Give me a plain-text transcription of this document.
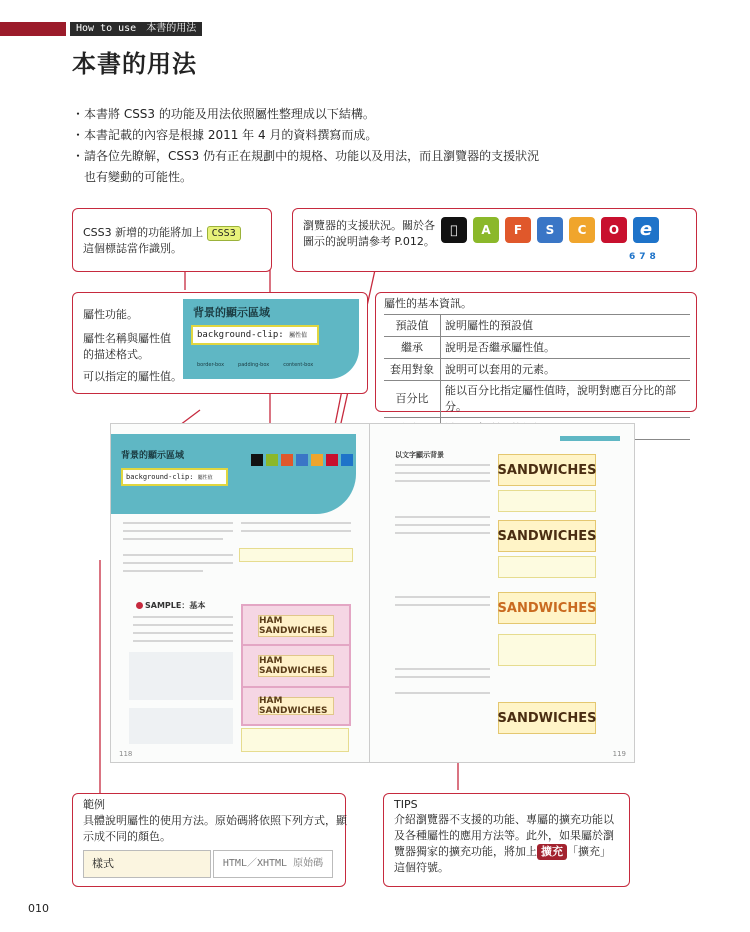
How to use　 本書的用法
本書的用法
・本書將 CSS3 的功能及用法依照屬性整理成以下結構。
・本書記載的內容是根據 2011 年 4 月的資料撰寫而成。
・請各位先瞭解，CSS3 仍有正在規劃中的規格、功能以及用法，而且瀏覽器的支援狀況
　也有變動的可能性。
CSS3 新增的功能將加上 CSS3
這個標誌當作識別。
瀏覽器的支援狀況。關於各
圖示的說明請參考 P.012。
A	F	S	C	O	e
6 7 8
屬性功能。
屬性名稱與屬性值
的描述格式。
可以指定的屬性值。
背景的顯示區域
background-clip: 屬性值
border-box	padding-box	content-box
屬性的基本資訊。
預設值	說明屬性的預設值
繼承	說明是否繼承屬性值。
套用對象	說明可以套用的元素。
百分比	能以百分比指定屬性值時，說明對應百分比的部分。

背景的顯示區域
background-clip: 屬性值
SAMPLE：基本
HAM SANDWICHES
HAM SANDWICHES
HAM SANDWICHES
118
以文字顯示背景
SANDWICHES
SANDWICHES
SANDWICHES
SANDWICHES
119
範例
具體說明屬性的使用方法。原始碼將依照下列方式，顯
示成不同的顏色。
樣式	HTML／XHTML 原始碼
TIPS
介紹瀏覽器不支援的功能、專屬的擴充功能以
及各種屬性的應用方法等。此外，如果屬於瀏
覽器獨家的擴充功能，將加上 擴充 「擴充」
這個符號。
010
